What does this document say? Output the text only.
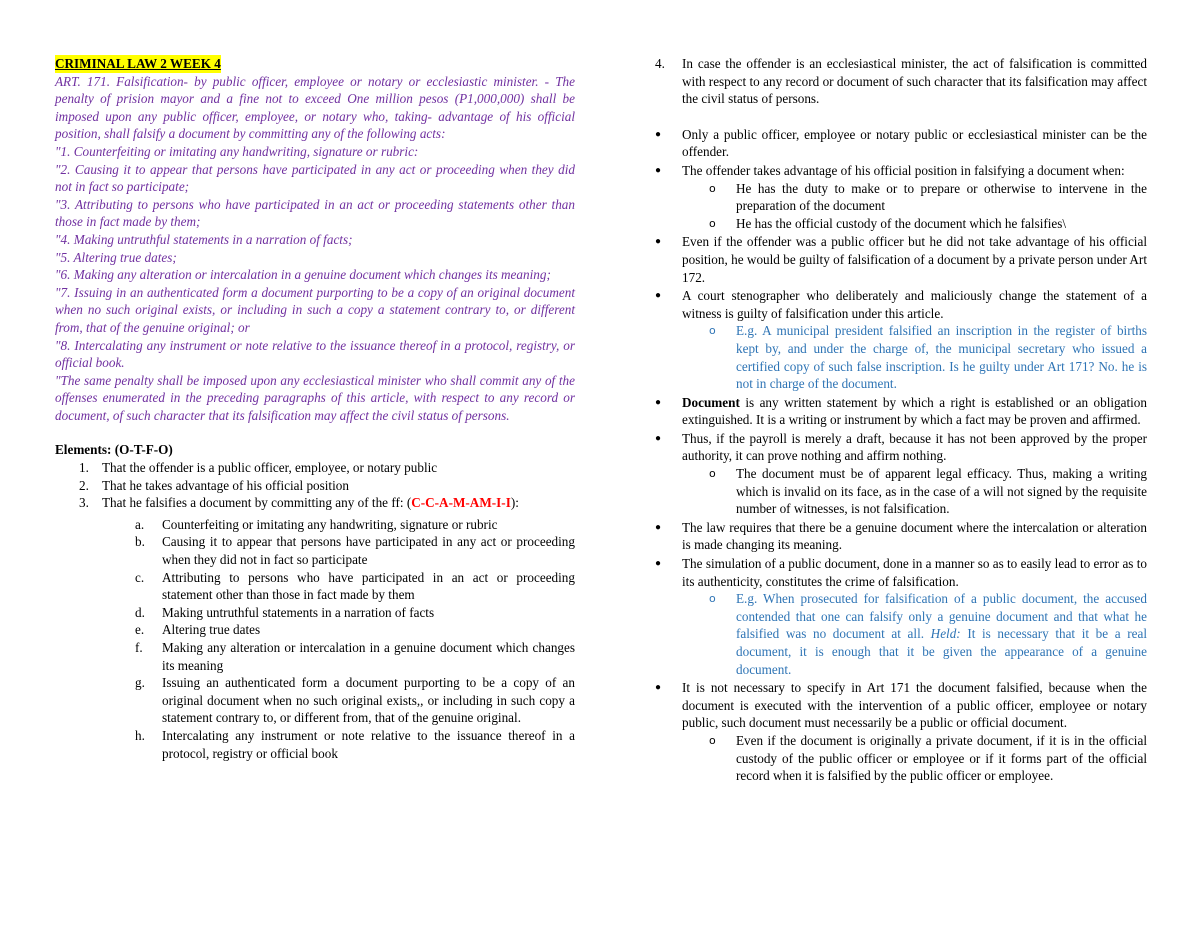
CRIMINAL LAW 2 WEEK 4
ART. 171. Falsification- by public officer, employee or notary or ecclesiastic minister. - The penalty of prision mayor and a fine not to exceed One million pesos (P1,000,000) shall be imposed upon any public officer, employee, or notary who, taking- advantage of his official position, shall falsify a document by committing any of the following acts:
"1. Counterfeiting or imitating any handwriting, signature or rubric:
"2. Causing it to appear that persons have participated in any act or proceeding when they did not in fact so participate;
"3. Attributing to persons who have participated in an act or proceeding statements other than those in fact made by them;
"4. Making untruthful statements in a narration of facts;
"5. Altering true dates;
"6. Making any alteration or intercalation in a genuine document which changes its meaning;
"7. Issuing in an authenticated form a document purporting to be a copy of an original document when no such original exists, or including in such a copy a statement contrary to, or different from, that of the genuine original; or
"8. Intercalating any instrument or note relative to the issuance thereof in a protocol, registry, or official book.
"The same penalty shall be imposed upon any ecclesiastical minister who shall commit any of the offenses enumerated in the preceding paragraphs of this article, with respect to any record or document, of such character that its falsification may affect the civil status of persons.
Elements: (O-T-F-O)
1. That the offender is a public officer, employee, or notary public
2. That he takes advantage of his official position
3. That he falsifies a document by committing any of the ff: (C-C-A-M-AM-I-I):
a.	Counterfeiting or imitating any handwriting, signature or rubric
b.	Causing it to appear that persons have participated in any act or proceeding when they did not in fact so participate
c.	Attributing to persons who have participated in an act or proceeding statement other than those in fact made by them
d.	Making untruthful statements in a narration of facts
e.	Altering true dates
f.	Making any alteration or intercalation in a genuine document which changes its meaning
g.	Issuing an authenticated form a document purporting to be a copy of an original document when no such original exists,, or including in such copy a statement contrary to, or different from, that of the genuine original.
h.	Intercalating any instrument or note relative to the issuance thereof in a protocol, registry or official book
4.	In case the offender is an ecclesiastical minister, the act of falsification is committed with respect to any record or document of such character that its falsification may affect the civil status of persons.
●	Only a public officer, employee or notary public or ecclesiastical minister can be the offender.
●	The offender takes advantage of his official position in falsifying a document when:
o	He has the duty to make or to prepare or otherwise to intervene in the preparation of the document
o	He has the official custody of the document which he falsifies\
●	Even if the offender was a public officer but he did not take advantage of his official position, he would be guilty of falsification of a document by a private person under Art 172.
●	A court stenographer who deliberately and maliciously change the statement of a witness is guilty of falsification under this article.
o	E.g. A municipal president falsified an inscription in the register of births kept by, and under the charge of, the municipal secretary who issued a certified copy of such false inscription. Is he guilty under Art 171? No. he is not in charge of the document.
●	Document is any written statement by which a right is established or an obligation extinguished. It is a writing or instrument by which a fact may be proven and affirmed.
●	Thus, if the payroll is merely a draft, because it has not been approved by the proper authority, it can prove nothing and affirm nothing.
o	The document must be of apparent legal efficacy. Thus, making a writing which is invalid on its face, as in the case of a will not signed by the requisite number of witnesses, is not falsification.
●	The law requires that there be a genuine document where the intercalation or alteration is made changing its meaning.
●	The simulation of a public document, done in a manner so as to easily lead to error as to its authenticity, constitutes the crime of falsification.
o	E.g. When prosecuted for falsification of a public document, the accused contended that one can falsify only a genuine document and that what he falsified was no document at all. Held: It is necessary that it be a real document, it is enough that it be given the appearance of a genuine document.
●	It is not necessary to specify in Art 171 the document falsified, because when the document is executed with the intervention of a public officer, employee or notary public, such document must necessarily be a public or official document.
o	Even if the document is originally a private document, if it is in the official custody of the public officer or employee or if it forms part of the official record when it is falsified by the public officer or employee.
